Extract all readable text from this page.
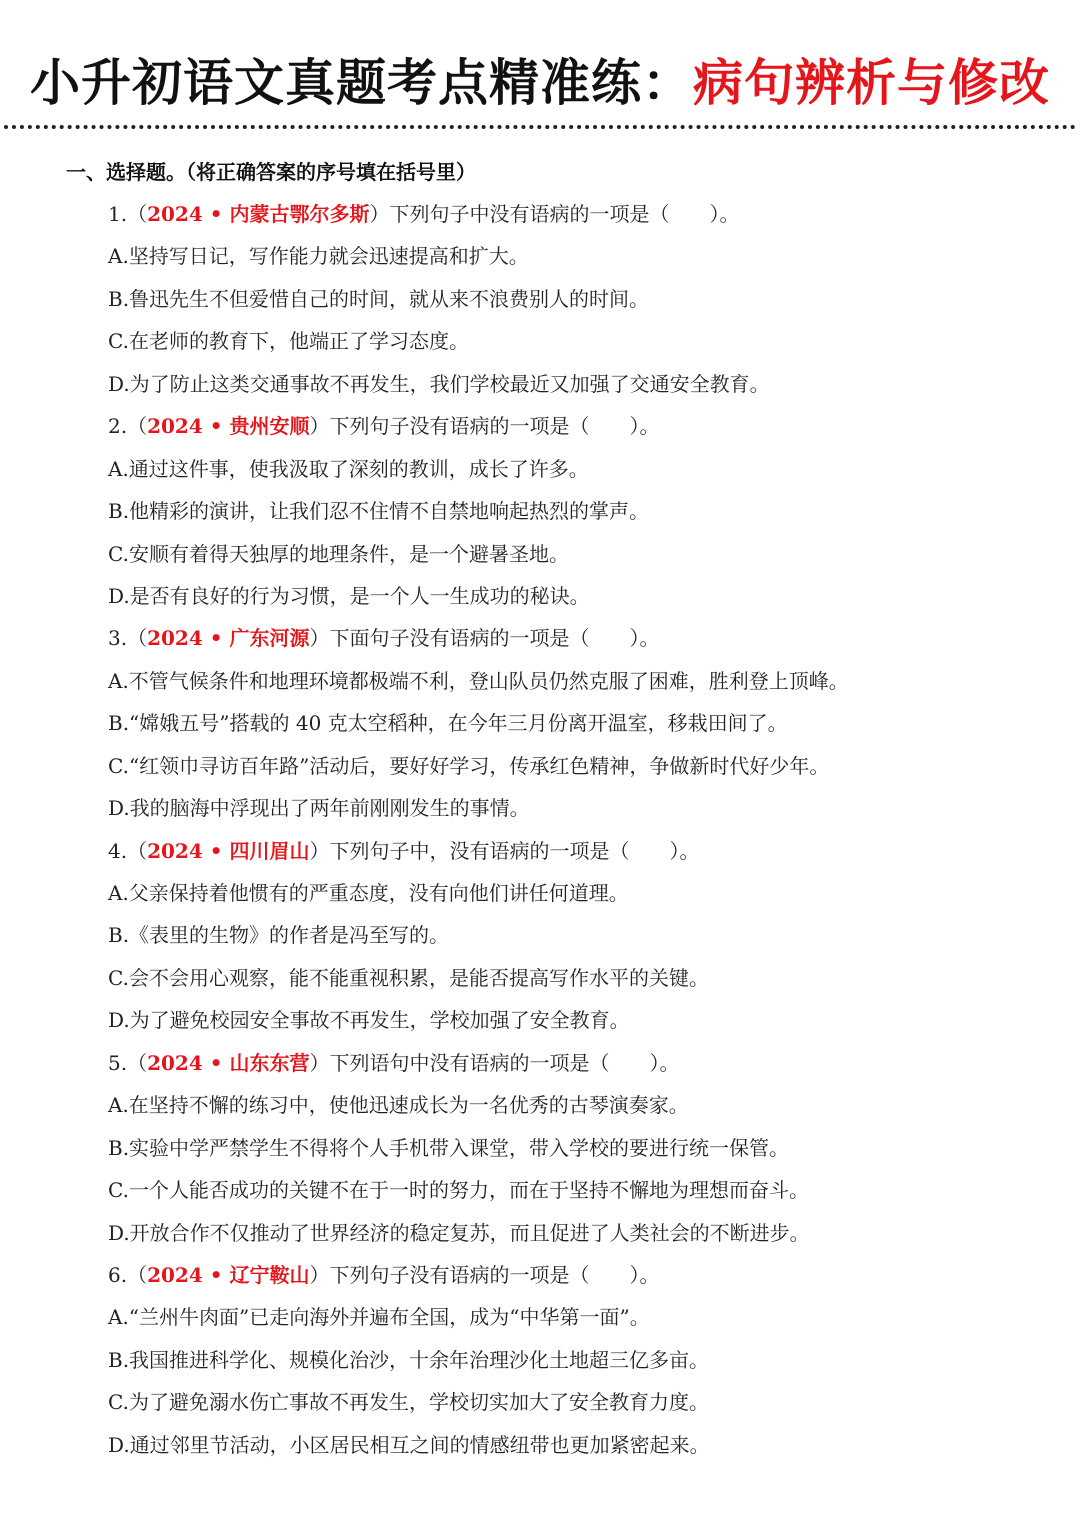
小升初语文真题考点精准练：病句辨析与修改
一、选择题。（将正确答案的序号填在括号里）
1.（2024 • 内蒙古鄂尔多斯）下列句子中没有语病的一项是（　　）。
A.坚持写日记，写作能力就会迅速提高和扩大。
B.鲁迅先生不但爱惜自己的时间，就从来不浪费别人的时间。
C.在老师的教育下，他端正了学习态度。
D.为了防止这类交通事故不再发生，我们学校最近又加强了交通安全教育。
2.（2024 • 贵州安顺）下列句子没有语病的一项是（　　）。
A.通过这件事，使我汲取了深刻的教训，成长了许多。
B.他精彩的演讲，让我们忍不住情不自禁地响起热烈的掌声。
C.安顺有着得天独厚的地理条件，是一个避暑圣地。
D.是否有良好的行为习惯，是一个人一生成功的秘诀。
3.（2024 • 广东河源）下面句子没有语病的一项是（　　）。
A.不管气候条件和地理环境都极端不利，登山队员仍然克服了困难，胜利登上顶峰。
B.“嫦娥五号”搭载的 40 克太空稻种，在今年三月份离开温室，移栽田间了。
C.“红领巾寻访百年路”活动后，要好好学习，传承红色精神，争做新时代好少年。
D.我的脑海中浮现出了两年前刚刚发生的事情。
4.（2024 • 四川眉山）下列句子中，没有语病的一项是（　　）。
A.父亲保持着他惯有的严重态度，没有向他们讲任何道理。
B.《表里的生物》的作者是冯至写的。
C.会不会用心观察，能不能重视积累，是能否提高写作水平的关键。
D.为了避免校园安全事故不再发生，学校加强了安全教育。
5.（2024 • 山东东营）下列语句中没有语病的一项是（　　）。
A.在坚持不懈的练习中，使他迅速成长为一名优秀的古琴演奏家。
B.实验中学严禁学生不得将个人手机带入课堂，带入学校的要进行统一保管。
C.一个人能否成功的关键不在于一时的努力，而在于坚持不懈地为理想而奋斗。
D.开放合作不仅推动了世界经济的稳定复苏，而且促进了人类社会的不断进步。
6.（2024 • 辽宁鞍山）下列句子没有语病的一项是（　　）。
A.“兰州牛肉面”已走向海外并遍布全国，成为“中华第一面”。
B.我国推进科学化、规模化治沙，十余年治理沙化土地超三亿多亩。
C.为了避免溺水伤亡事故不再发生，学校切实加大了安全教育力度。
D.通过邻里节活动，小区居民相互之间的情感纽带也更加紧密起来。
